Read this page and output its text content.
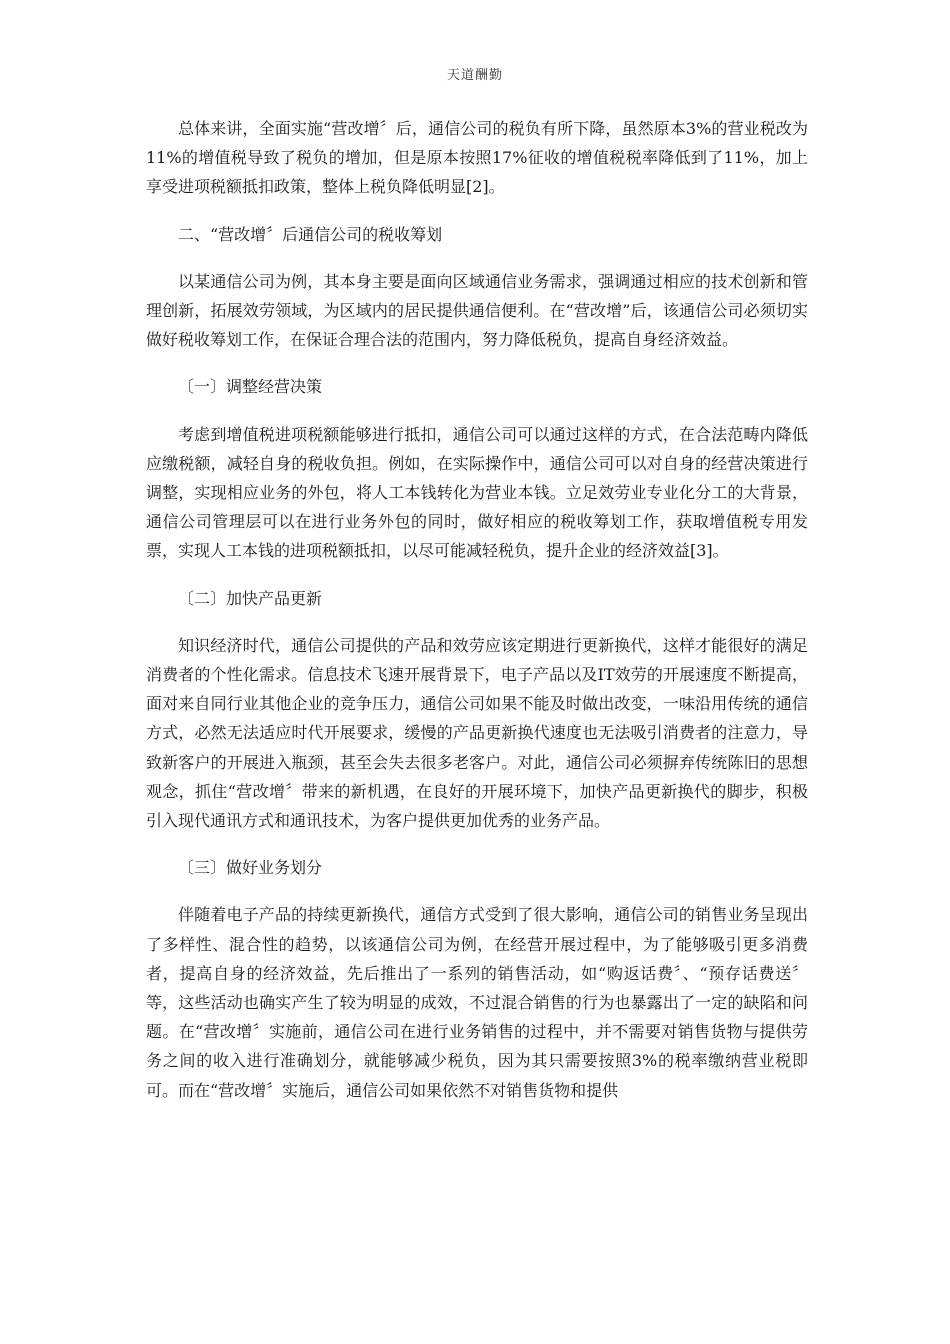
天道酬勤

总体来讲，全面实施“营改增〞后，通信公司的税负有所下降，虽然原本3%的营业税改为11%的增值税导致了税负的增加，但是原本按照17%征收的增值税税率降低到了11%，加上享受进项税额抵扣政策，整体上税负降低明显[2]。

二、“营改增〞后通信公司的税收筹划

以某通信公司为例，其本身主要是面向区域通信业务需求，强调通过相应的技术创新和管理创新，拓展效劳领域，为区域内的居民提供通信便利。在“营改增”后，该通信公司必须切实做好税收筹划工作，在保证合理合法的范围内，努力降低税负，提高自身经济效益。

〔一〕调整经营决策

考虑到增值税进项税额能够进行抵扣，通信公司可以通过这样的方式，在合法范畴内降低应缴税额，减轻自身的税收负担。例如，在实际操作中，通信公司可以对自身的经营决策进行调整，实现相应业务的外包，将人工本钱转化为营业本钱。立足效劳业专业化分工的大背景，通信公司管理层可以在进行业务外包的同时，做好相应的税收筹划工作，获取增值税专用发票，实现人工本钱的进项税额抵扣，以尽可能减轻税负，提升企业的经济效益[3]。

〔二〕加快产品更新

知识经济时代，通信公司提供的产品和效劳应该定期进行更新换代，这样才能很好的满足消费者的个性化需求。信息技术飞速开展背景下，电子产品以及IT效劳的开展速度不断提高，面对来自同行业其他企业的竞争压力，通信公司如果不能及时做出改变，一味沿用传统的通信方式，必然无法适应时代开展要求，缓慢的产品更新换代速度也无法吸引消费者的注意力，导致新客户的开展进入瓶颈，甚至会失去很多老客户。对此，通信公司必须摒弃传统陈旧的思想观念，抓住“营改增〞带来的新机遇，在良好的开展环境下，加快产品更新换代的脚步，积极引入现代通讯方式和通讯技术，为客户提供更加优秀的业务产品。

〔三〕做好业务划分

伴随着电子产品的持续更新换代，通信方式受到了很大影响，通信公司的销售业务呈现出了多样性、混合性的趋势，以该通信公司为例，在经营开展过程中，为了能够吸引更多消费者，提高自身的经济效益，先后推出了一系列的销售活动，如“购返话费〞、“预存话费送〞等，这些活动也确实产生了较为明显的成效，不过混合销售的行为也暴露出了一定的缺陷和问题。在“营改增〞实施前，通信公司在进行业务销售的过程中，并不需要对销售货物与提供劳务之间的收入进行准确划分，就能够减少税负，因为其只需要按照3%的税率缴纳营业税即可。而在“营改增〞实施后，通信公司如果依然不对销售货物和提供
